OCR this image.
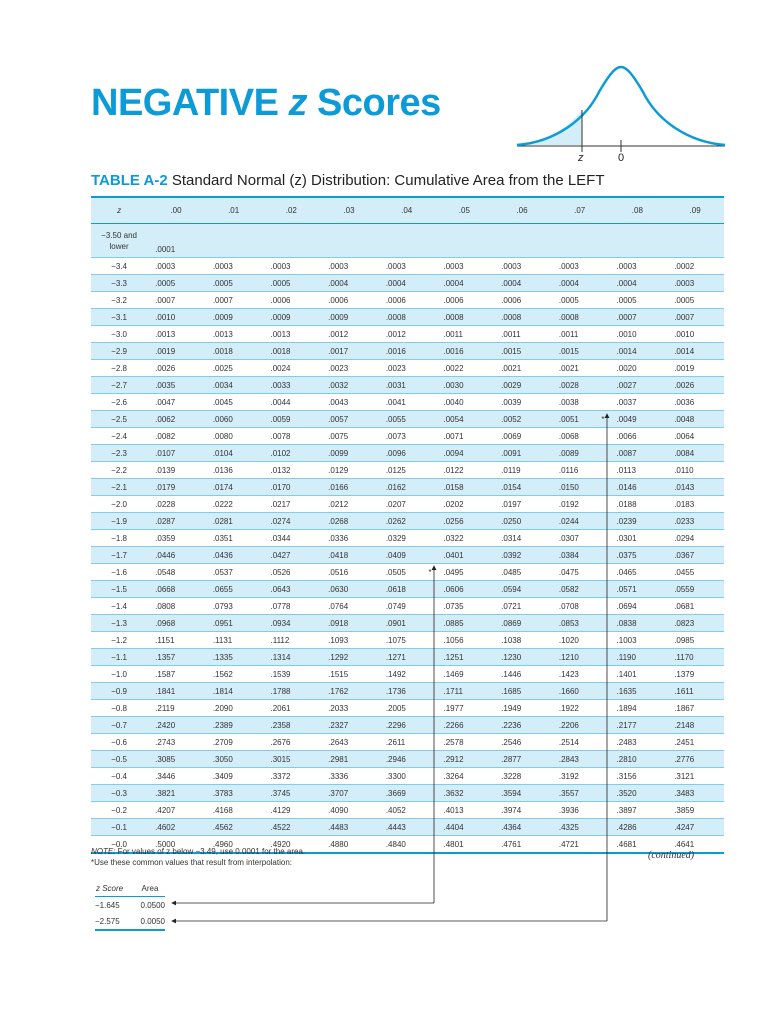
NEGATIVE z Scores
z	0
TABLE A-2 Standard Normal (z) Distribution: Cumulative Area from the LEFT
z	.00	.01	.02	.03	.04	.05	.06	.07	.08	.09

−3.50 and
lower	.0001									
−3.4	.0003	.0003	.0003	.0003	.0003	.0003	.0003	.0003	.0003	.0002
−3.3	.0005	.0005	.0005	.0004	.0004	.0004	.0004	.0004	.0004	.0003
−3.2	.0007	.0007	.0006	.0006	.0006	.0006	.0006	.0005	.0005	.0005
−3.1	.0010	.0009	.0009	.0009	.0008	.0008	.0008	.0008	.0007	.0007
−3.0	.0013	.0013	.0013	.0012	.0012	.0011	.0011	.0011	.0010	.0010
−2.9	.0019	.0018	.0018	.0017	.0016	.0016	.0015	.0015	.0014	.0014
−2.8	.0026	.0025	.0024	.0023	.0023	.0022	.0021	.0021	.0020	.0019
−2.7	.0035	.0034	.0033	.0032	.0031	.0030	.0029	.0028	.0027	.0026
−2.6	.0047	.0045	.0044	.0043	.0041	.0040	.0039	.0038	.0037	.0036
−2.5	.0062	.0060	.0059	.0057	.0055	.0054	.0052	.0051 *	.0049	.0048
−2.4	.0082	.0080	.0078	.0075	.0073	.0071	.0069	.0068	.0066	.0064
−2.3	.0107	.0104	.0102	.0099	.0096	.0094	.0091	.0089	.0087	.0084
−2.2	.0139	.0136	.0132	.0129	.0125	.0122	.0119	.0116	.0113	.0110
−2.1	.0179	.0174	.0170	.0166	.0162	.0158	.0154	.0150	.0146	.0143
−2.0	.0228	.0222	.0217	.0212	.0207	.0202	.0197	.0192	.0188	.0183
−1.9	.0287	.0281	.0274	.0268	.0262	.0256	.0250	.0244	.0239	.0233
−1.8	.0359	.0351	.0344	.0336	.0329	.0322	.0314	.0307	.0301	.0294
−1.7	.0446	.0436	.0427	.0418	.0409	.0401	.0392	.0384	.0375	.0367
−1.6	.0548	.0537	.0526	.0516	.0505 *	.0495	.0485	.0475	.0465	.0455
−1.5	.0668	.0655	.0643	.0630	.0618	.0606	.0594	.0582	.0571	.0559
−1.4	.0808	.0793	.0778	.0764	.0749	.0735	.0721	.0708	.0694	.0681
−1.3	.0968	.0951	.0934	.0918	.0901	.0885	.0869	.0853	.0838	.0823
−1.2	.1151	.1131	.1112	.1093	.1075	.1056	.1038	.1020	.1003	.0985
−1.1	.1357	.1335	.1314	.1292	.1271	.1251	.1230	.1210	.1190	.1170
−1.0	.1587	.1562	.1539	.1515	.1492	.1469	.1446	.1423	.1401	.1379
−0.9	.1841	.1814	.1788	.1762	.1736	.1711	.1685	.1660	.1635	.1611
−0.8	.2119	.2090	.2061	.2033	.2005	.1977	.1949	.1922	.1894	.1867
−0.7	.2420	.2389	.2358	.2327	.2296	.2266	.2236	.2206	.2177	.2148
−0.6	.2743	.2709	.2676	.2643	.2611	.2578	.2546	.2514	.2483	.2451
−0.5	.3085	.3050	.3015	.2981	.2946	.2912	.2877	.2843	.2810	.2776
−0.4	.3446	.3409	.3372	.3336	.3300	.3264	.3228	.3192	.3156	.3121
−0.3	.3821	.3783	.3745	.3707	.3669	.3632	.3594	.3557	.3520	.3483
−0.2	.4207	.4168	.4129	.4090	.4052	.4013	.3974	.3936	.3897	.3859
−0.1	.4602	.4562	.4522	.4483	.4443	.4404	.4364	.4325	.4286	.4247
−0.0	.5000	.4960	.4920	.4880	.4840	.4801	.4761	.4721	.4681	.4641
NOTE: For values of z below −3.49, use 0.0001 for the area.
*Use these common values that result from interpolation:
(continued)
z Score	Area
−1.645	0.0500
−2.575	0.0050
